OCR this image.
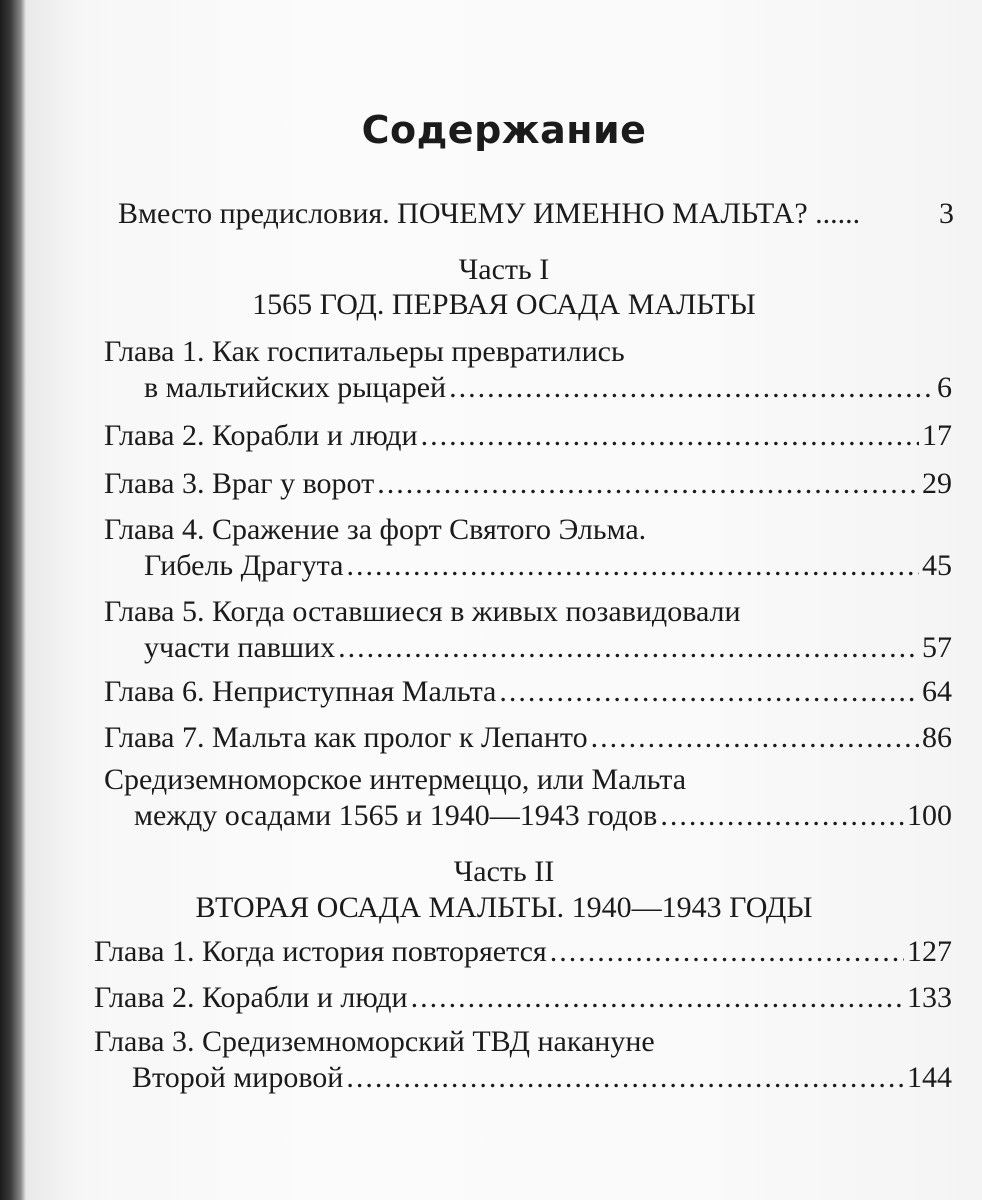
Содержание
Вместо предисловия. ПОЧЕМУ ИМЕННО МАЛЬТА? ......	3
Часть I
1565 ГОД. ПЕРВАЯ ОСАДА МАЛЬТЫ
Глава 1. Как госпитальеры превратились
в мальтийских рыцарей .....	6
Глава 2. Корабли и люди .....	17
Глава 3. Враг у ворот .....	29
Глава 4. Сражение за форт Святого Эльма.
Гибель Драгута .....	45
Глава 5. Когда оставшиеся в живых позавидовали
участи павших .....	57
Глава 6. Неприступная Мальта .....	64
Глава 7. Мальта как пролог к Лепанто .....	86
Средиземноморское интермеццо, или Мальта
между осадами 1565 и 1940—1943 годов .....	100
Часть II
ВТОРАЯ ОСАДА МАЛЬТЫ. 1940—1943 ГОДЫ
Глава 1. Когда история повторяется .....	127
Глава 2. Корабли и люди .....	133
Глава 3. Средиземноморский ТВД накануне
Второй мировой .....	144
